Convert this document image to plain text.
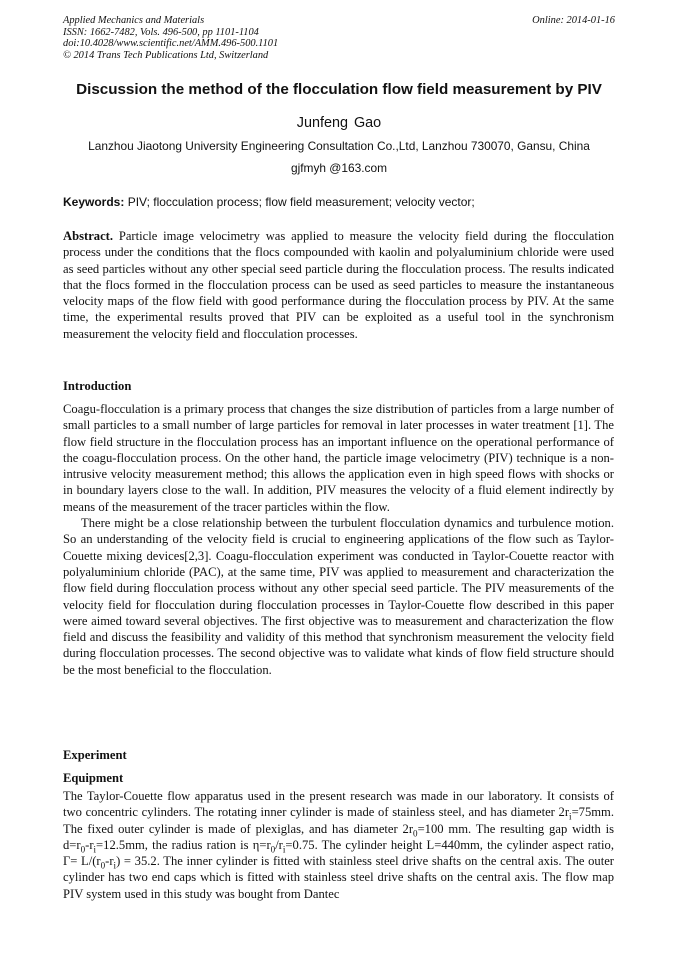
Applied Mechanics and Materials
ISSN: 1662-7482, Vols. 496-500, pp 1101-1104
doi:10.4028/www.scientific.net/AMM.496-500.1101
© 2014 Trans Tech Publications Ltd, Switzerland
Online: 2014-01-16
Discussion the method of the flocculation flow field measurement by PIV
Junfeng Gao
Lanzhou Jiaotong University Engineering Consultation Co.,Ltd, Lanzhou 730070, Gansu, China
gjfmyh @163.com
Keywords: PIV; flocculation process; flow field measurement; velocity vector;
Abstract. Particle image velocimetry was applied to measure the velocity field during the flocculation process under the conditions that the flocs compounded with kaolin and polyaluminium chloride were used as seed particles without any other special seed particle during the flocculation process. The results indicated that the flocs formed in the flocculation process can be used as seed particles to measure the instantaneous velocity maps of the flow field with good performance during the flocculation process by PIV. At the same time, the experimental results proved that PIV can be exploited as a useful tool in the synchronism measurement the velocity field and flocculation processes.
Introduction

Coagu-flocculation is a primary process that changes the size distribution of particles from a large number of small particles to a small number of large particles for removal in later processes in water treatment [1]. The flow field structure in the flocculation process has an important influence on the operational performance of the coagu-flocculation process. On the other hand, the particle image velocimetry (PIV) technique is a non-intrusive velocity measurement method; this allows the application even in high speed flows with shocks or in boundary layers close to the wall. In addition, PIV measures the velocity of a fluid element indirectly by means of the measurement of the tracer particles within the flow.

There might be a close relationship between the turbulent flocculation dynamics and turbulence motion. So an understanding of the velocity field is crucial to engineering applications of the flow such as Taylor-Couette mixing devices[2,3]. Coagu-flocculation experiment was conducted in Taylor-Couette reactor with polyaluminium chloride (PAC), at the same time, PIV was applied to measurement and characterization the flow field during flocculation process without any other special seed particle. The PIV measurements of the velocity field for flocculation during flocculation processes in Taylor-Couette flow described in this paper were aimed toward several objectives. The first objective was to measurement and characterization the flow field and discuss the feasibility and validity of this method that synchronism measurement the velocity field during flocculation processes. The second objective was to validate what kinds of flow field structure should be the most beneficial to the flocculation.

Experiment
Equipment
The Taylor-Couette flow apparatus used in the present research was made in our laboratory. It consists of two concentric cylinders. The rotating inner cylinder is made of stainless steel, and has diameter $2r_i=75mm$. The fixed outer cylinder is made of plexiglas, and has diameter $2r_0=100$ mm. The resulting gap width is $d=r_0-r_i=12.5mm$, the radius ration is $\eta=r_0/r_i=0.75$. The cylinder height L=440mm, the cylinder aspect ratio, $\Gamma= L/(r_0-r_i) = 35.2$. The inner cylinder is fitted with stainless steel drive shafts on the central axis. The outer cylinder has two end caps which is fitted with stainless steel drive shafts on the central axis. The flow map PIV system used in this study was bought from Dantec
